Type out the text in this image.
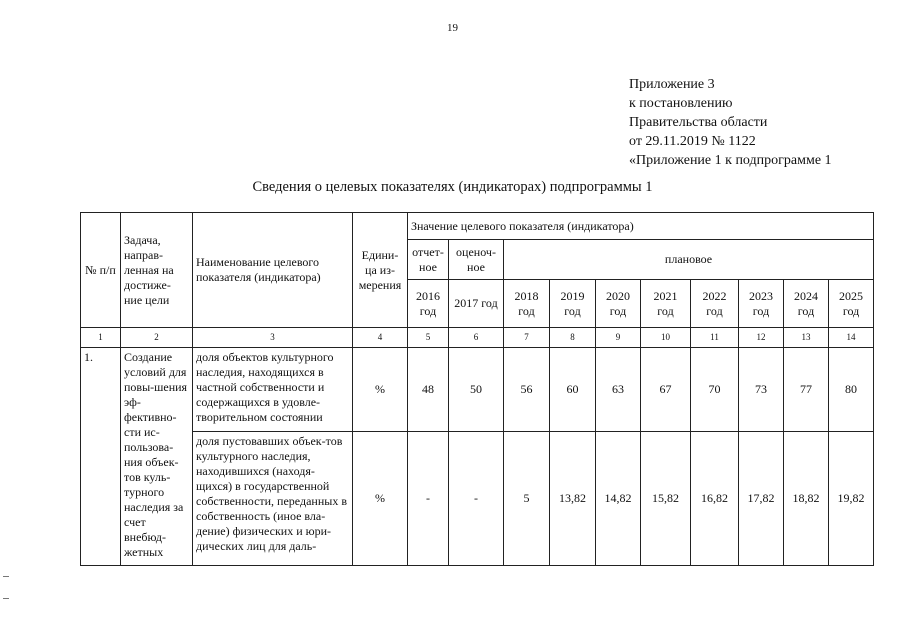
19
Приложение 3
к постановлению
Правительства области
от 29.11.2019 № 1122
«Приложение 1 к подпрограмме 1
Сведения о целевых показателях (индикаторах) подпрограммы 1
№ п/п	Задача, направ-ленная на достиже-ние цели	Наименование целевого показателя (индикатора)	Едини-ца из-мерения	Значение целевого показателя (индикатора)									
				отчет-ное	оценоч-ное	плановое							
				2016 год	2017 год	2018 год	2019 год	2020 год	2021 год	2022 год	2023 год	2024 год	2025 год
1	2	3	4	5	6	7	8	9	10	11	12	13	14
1.	Создание условий для повы-шения эф-фективно-сти ис-пользова-ния объек-тов куль-турного наследия за счет внебюд-жетных	доля объектов культурного наследия, находящихся в частной собственности и содержащихся в удовле-творительном состоянии	%	48	50	56	60	63	67	70	73	77	80
		доля пустовавших объек-тов культурного наследия, находившихся (находя-щихся) в государственной собственности, переданных в собственность (иное вла-дение) физических и юри-дических лиц для даль-	%	-	-	5	13,82	14,82	15,82	16,82	17,82	18,82	19,82
